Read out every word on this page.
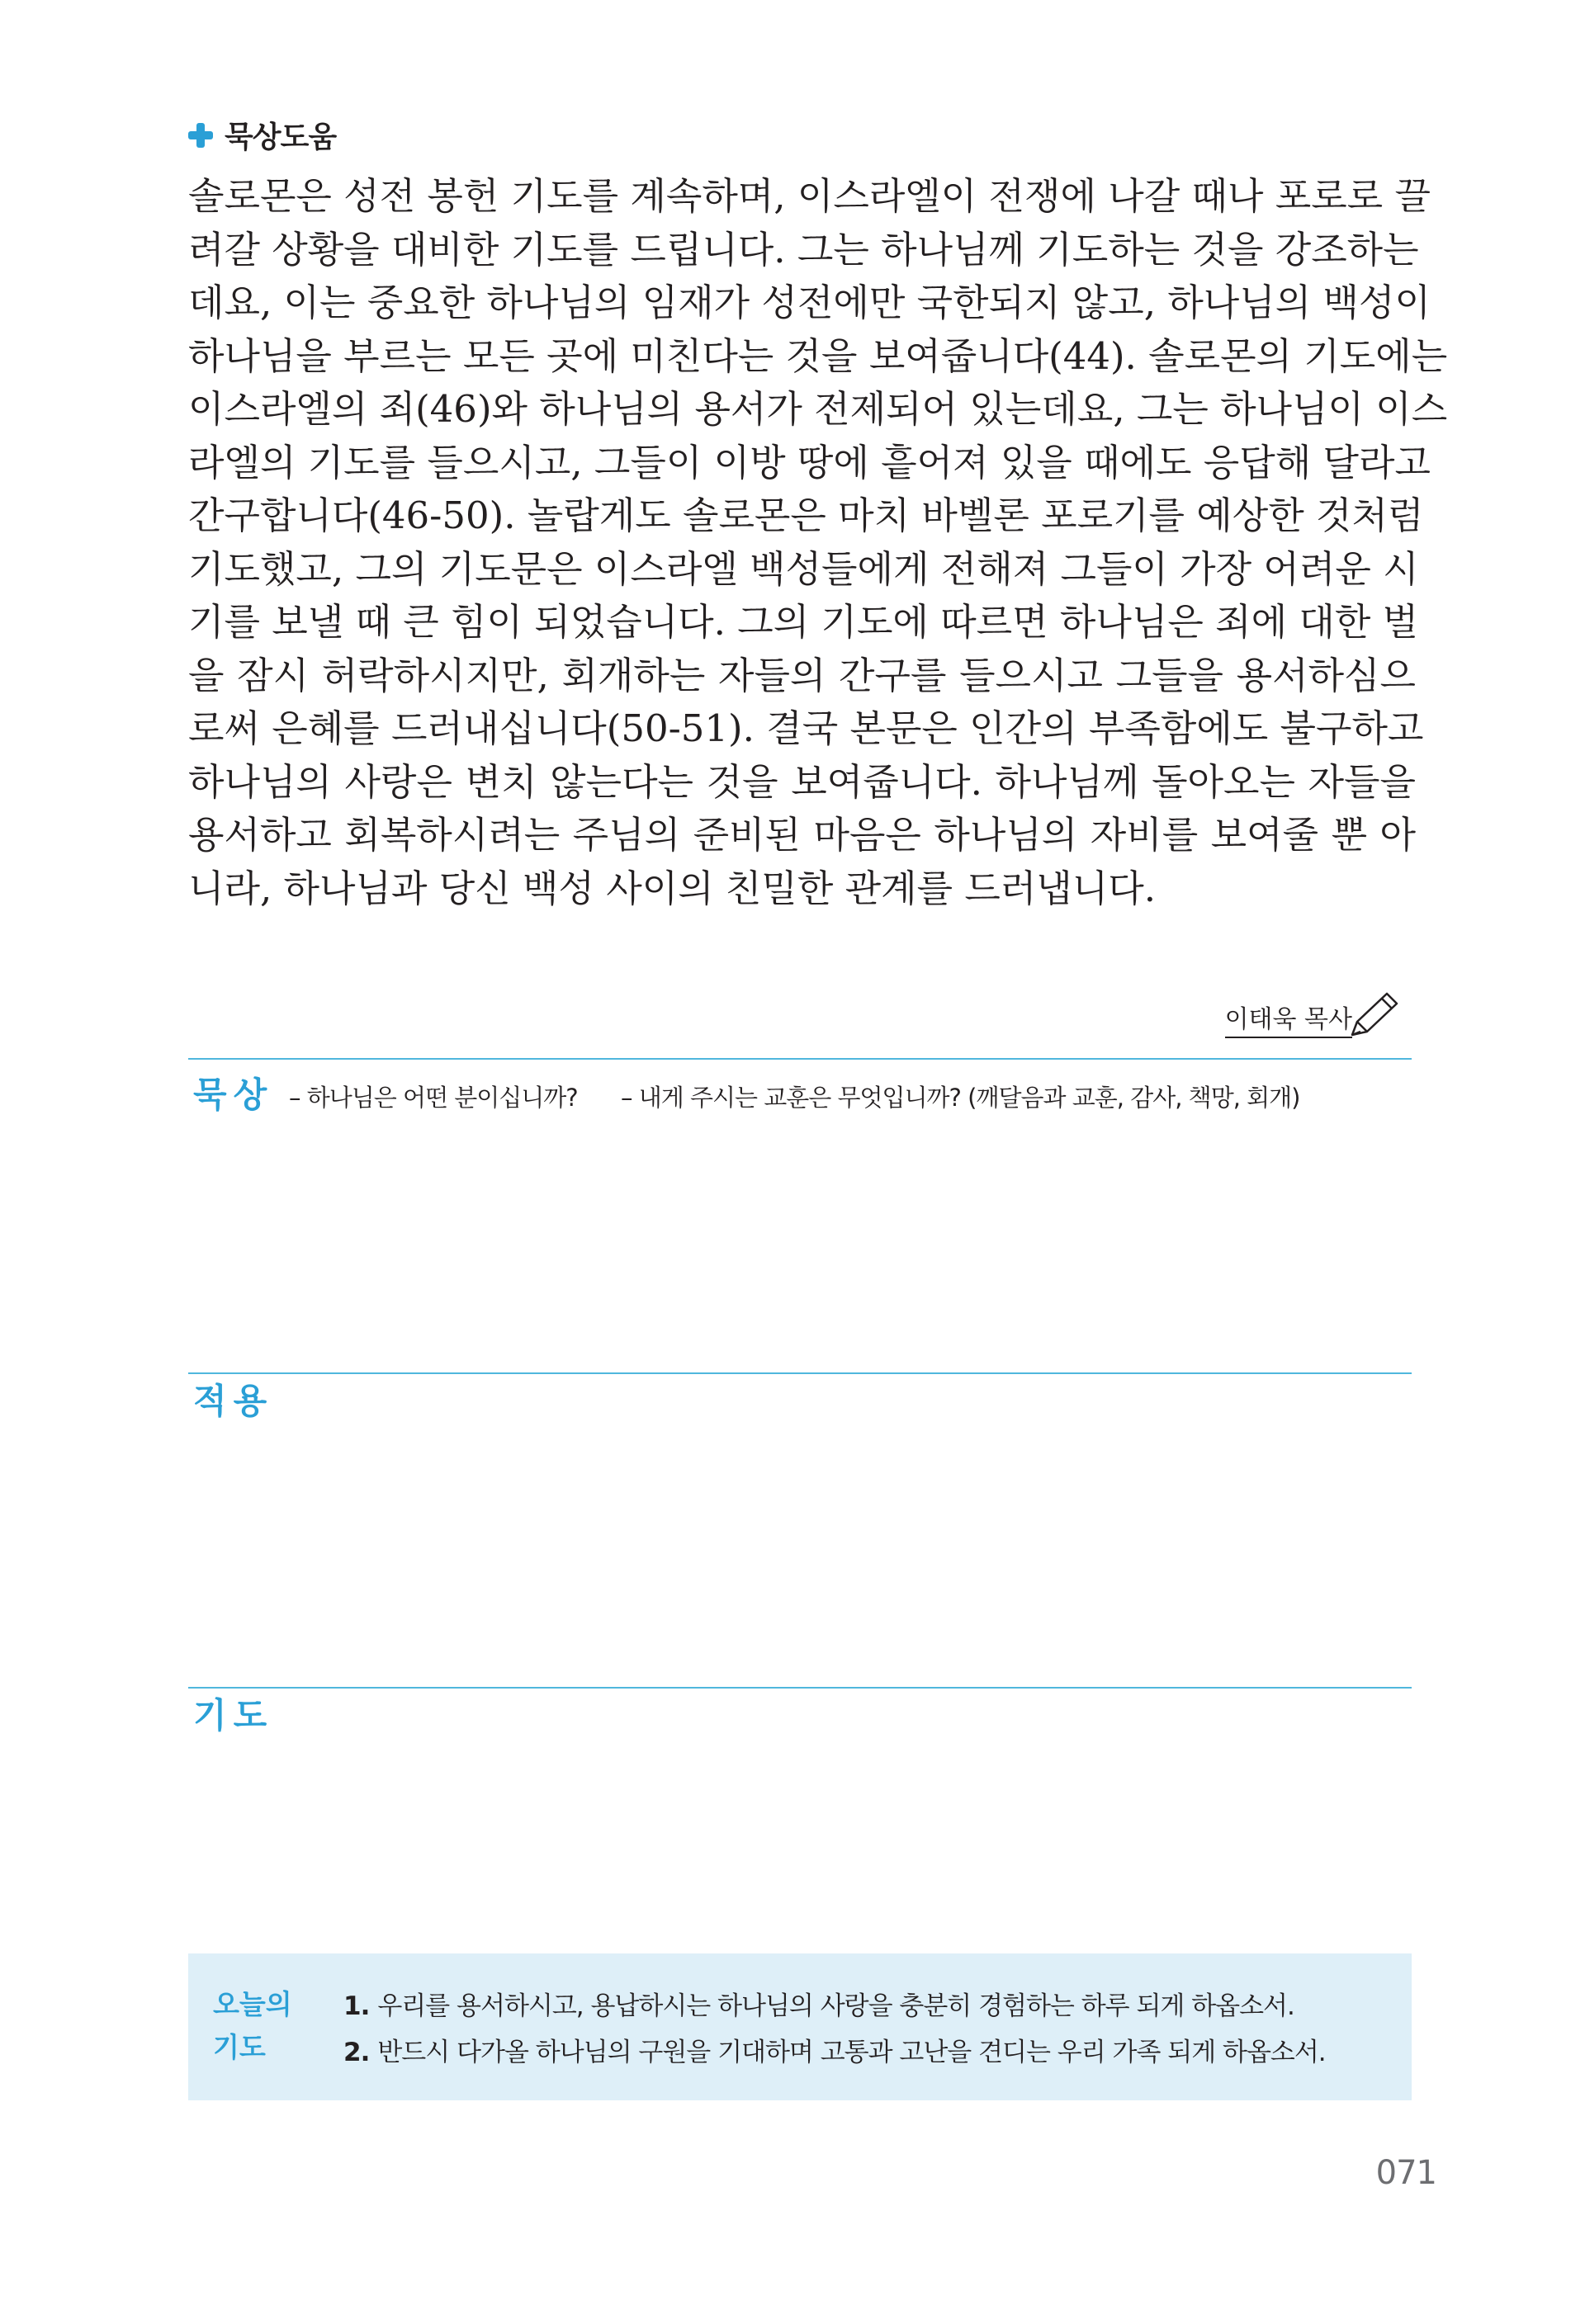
묵상도움
솔로몬은 성전 봉헌 기도를 계속하며, 이스라엘이 전쟁에 나갈 때나 포로로 끌
려갈 상황을 대비한 기도를 드립니다. 그는 하나님께 기도하는 것을 강조하는
데요, 이는 중요한 하나님의 임재가 성전에만 국한되지 않고, 하나님의 백성이
하나님을 부르는 모든 곳에 미친다는 것을 보여줍니다(44). 솔로몬의 기도에는
이스라엘의 죄(46)와 하나님의 용서가 전제되어 있는데요, 그는 하나님이 이스
라엘의 기도를 들으시고, 그들이 이방 땅에 흩어져 있을 때에도 응답해 달라고
간구합니다(46-50). 놀랍게도 솔로몬은 마치 바벨론 포로기를 예상한 것처럼
기도했고, 그의 기도문은 이스라엘 백성들에게 전해져 그들이 가장 어려운 시
기를 보낼 때 큰 힘이 되었습니다. 그의 기도에 따르면 하나님은 죄에 대한 벌
을 잠시 허락하시지만, 회개하는 자들의 간구를 들으시고 그들을 용서하심으
로써 은혜를 드러내십니다(50-51). 결국 본문은 인간의 부족함에도 불구하고
하나님의 사랑은 변치 않는다는 것을 보여줍니다. 하나님께 돌아오는 자들을
용서하고 회복하시려는 주님의 준비된 마음은 하나님의 자비를 보여줄 뿐 아
니라, 하나님과 당신 백성 사이의 친밀한 관계를 드러냅니다.
이태욱 목사
묵상 – 하나님은 어떤 분이십니까? – 내게 주시는 교훈은 무엇입니까? (깨달음과 교훈, 감사, 책망, 회개)
적용
기도
오늘의
기도
1. 우리를 용서하시고, 용납하시는 하나님의 사랑을 충분히 경험하는 하루 되게 하옵소서.
2. 반드시 다가올 하나님의 구원을 기대하며 고통과 고난을 견디는 우리 가족 되게 하옵소서.
071
